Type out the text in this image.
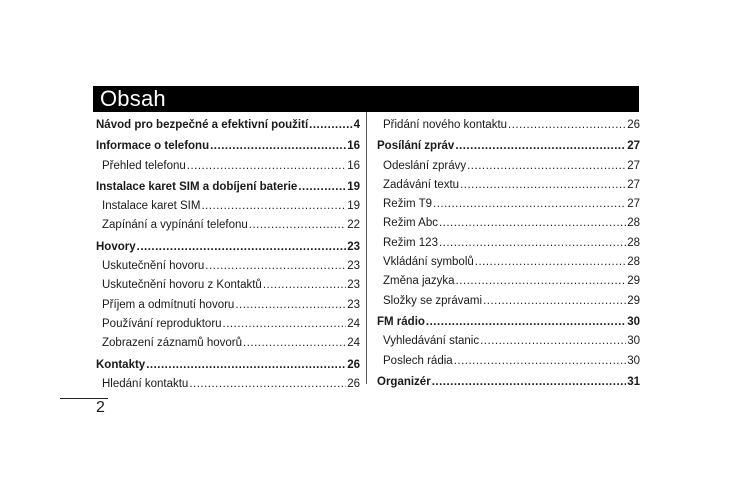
Obsah
Návod pro bezpečné a efektivní použití .....	4
Informace o telefonu .....	16
Přehled telefonu .....	16
Instalace karet SIM a dobíjení baterie .....	19
Instalace karet SIM .....	19
Zapínání a vypínání telefonu .....	22
Hovory .....	23
Uskutečnění hovoru .....	23
Uskutečnění hovoru z Kontaktů .....	23
Příjem a odmítnutí hovoru .....	23
Používání reproduktoru .....	24
Zobrazení záznamů hovorů .....	24
Kontakty .....	26
Hledání kontaktu .....	26
Přidání nového kontaktu .....	26
Posílání zpráv .....	27
Odeslání zprávy .....	27
Zadávání textu .....	27
Režim T9 .....	27
Režim Abc .....	28
Režim 123 .....	28
Vkládání symbolů .....	28
Změna jazyka .....	29
Složky se zprávami .....	29
FM rádio .....	30
Vyhledávání stanic .....	30
Poslech rádia .....	30
Organizér .....	31
2
